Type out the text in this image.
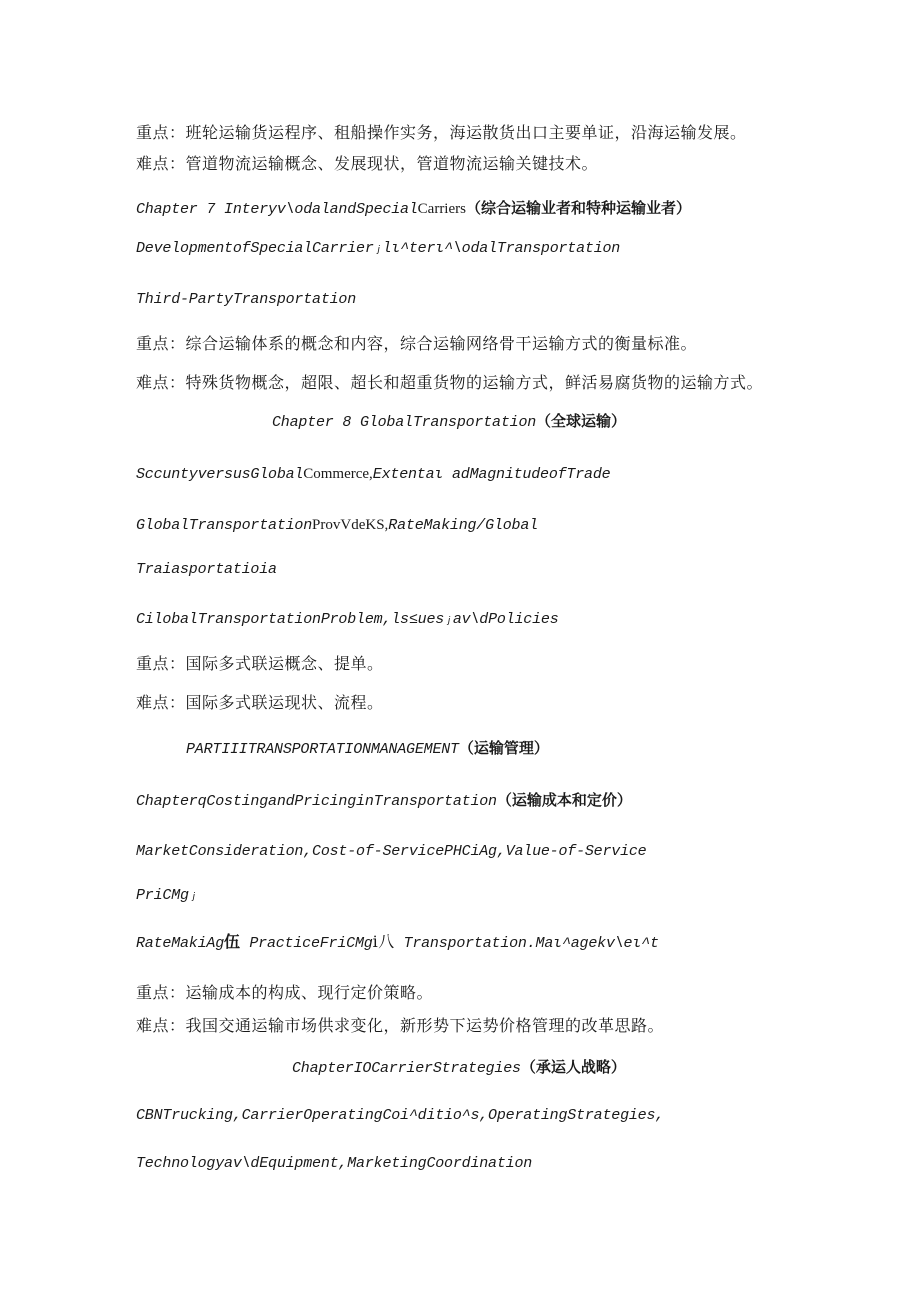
重点：班轮运输货运程序、租船操作实务，海运散货出口主要单证，沿海运输发展。
难点：管道物流运输概念、发展现状，管道物流运输关键技术。
Chapter 7 Interyv\odalandSpecialCarriers（综合运输业者和特种运输业者）
DevelopmentofSpecialCarrierⱼlι^terι^\odalTransportation
Third-PartyTransportation
重点：综合运输体系的概念和内容，综合运输网络骨干运输方式的衡量标准。
难点：特殊货物概念，超限、超长和超重货物的运输方式，鲜活易腐货物的运输方式。
Chapter 8 GlobalTransportation（全球运输）
SccuntyversusGlobalCommerce,Extentaι adMagnitudeofTrade
GlobalTransportationProvVdeKS,RateMaking/Global
Traiasportatioia
CilobalTransportationProblem,ls≤uesⱼav\dPolicies
重点：国际多式联运概念、提单。
难点：国际多式联运现状、流程。
PARTIIITRANSPORTATIONMANAGEMENT（运输管理）
ChapterqCostingandPricinginTransportation（运输成本和定价）
MarketConsideration,Cost-of-ServicePHCiAg,Value-of-Service
PriCMgⱼ
RateMakiAg伍 PracticeFriCMgi八 Transportation.Maι^agekv\eι^t
重点：运输成本的构成、现行定价策略。
难点：我国交通运输市场供求变化，新形势下运势价格管理的改革思路。
ChapterIOCarrierStrategies（承运人战略）
CBNTrucking,CarrierOperatingCoi^ditio^s,OperatingStrategies,
Technologyav\dEquipment,MarketingCoordination
